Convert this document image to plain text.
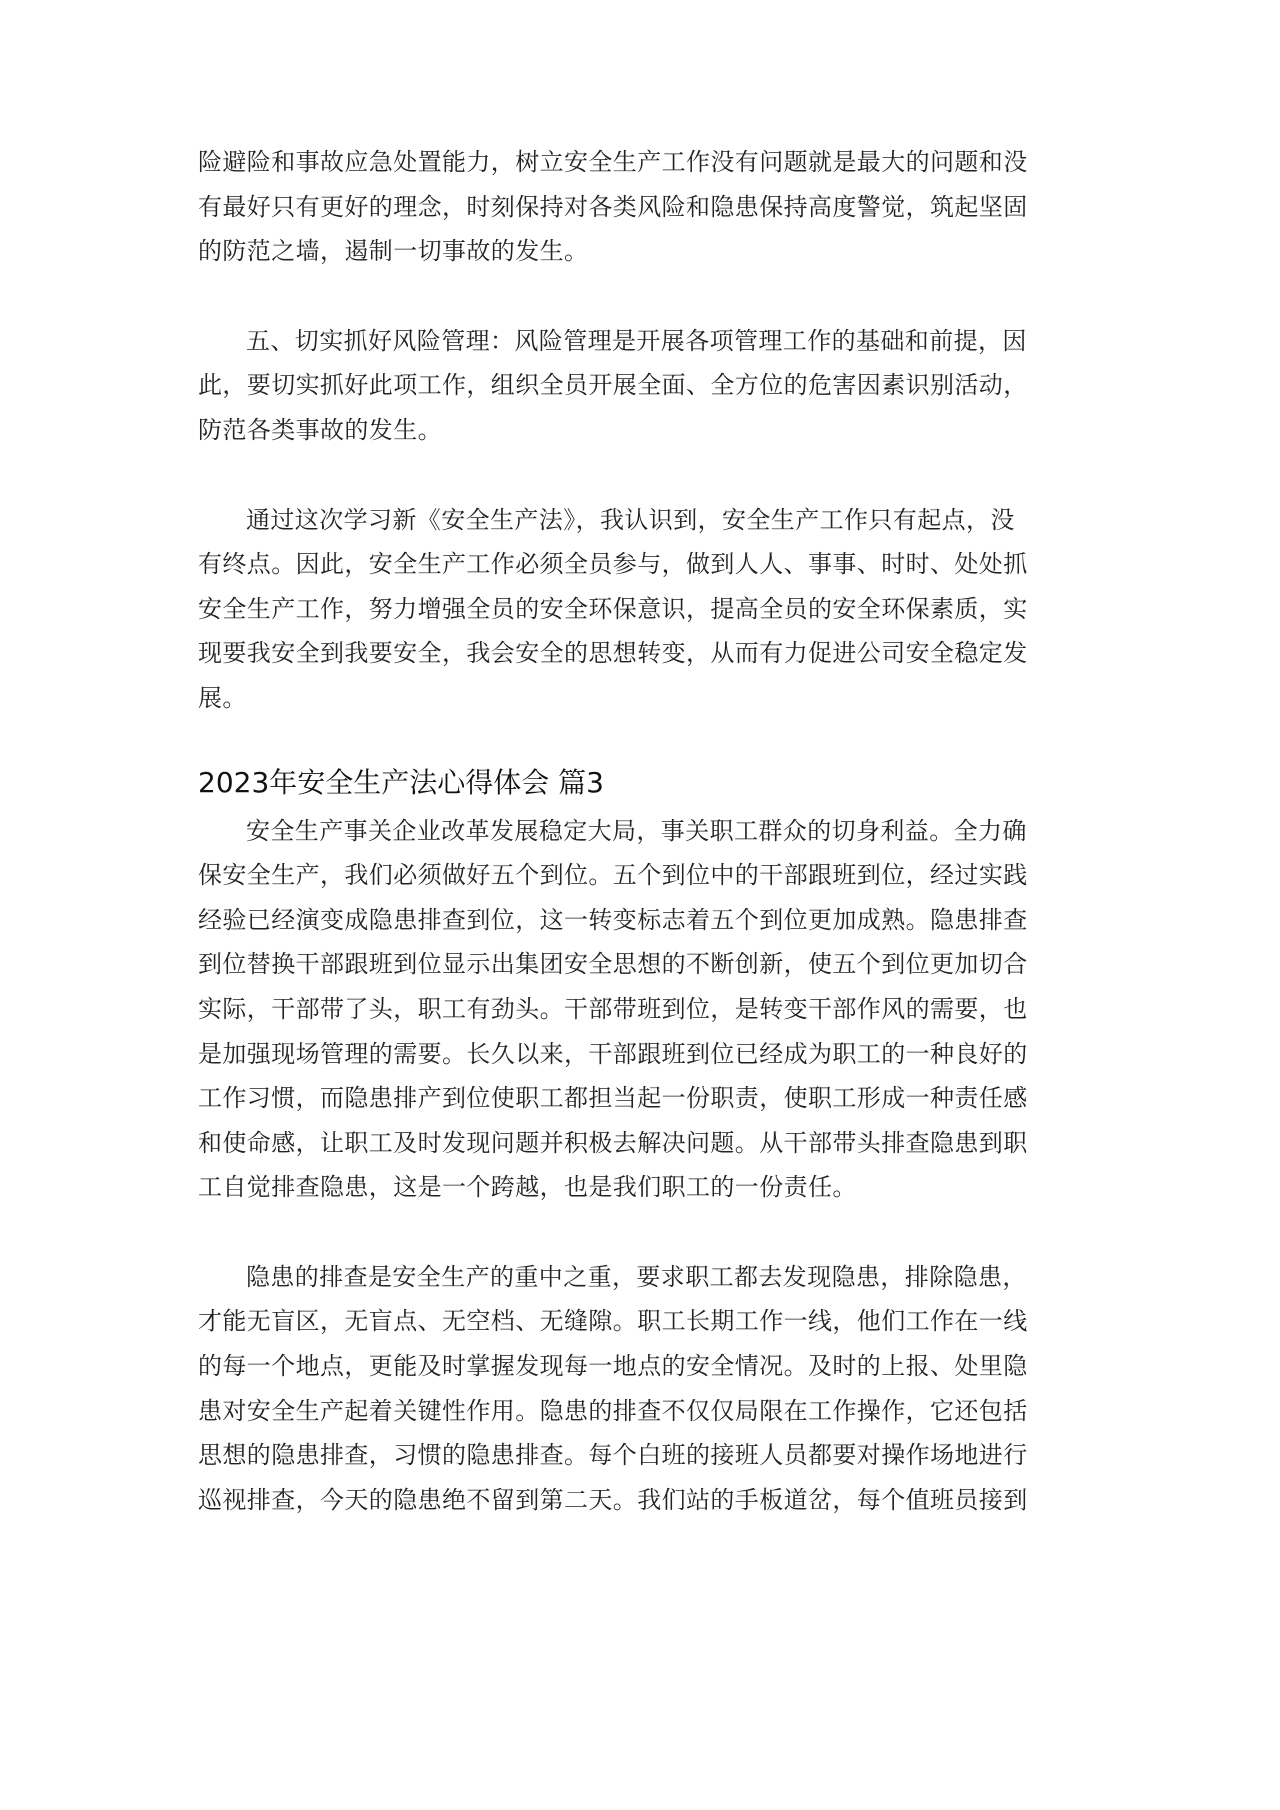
险避险和事故应急处置能力，树立安全生产工作没有问题就是最大的问题和没
有最好只有更好的理念，时刻保持对各类风险和隐患保持高度警觉，筑起坚固
的防范之墙，遏制一切事故的发生。
五、切实抓好风险管理：风险管理是开展各项管理工作的基础和前提，因
此，要切实抓好此项工作，组织全员开展全面、全方位的危害因素识别活动，
防范各类事故的发生。
通过这次学习新《安全生产法》，我认识到，安全生产工作只有起点，没
有终点。因此，安全生产工作必须全员参与，做到人人、事事、时时、处处抓
安全生产工作，努力增强全员的安全环保意识，提高全员的安全环保素质，实
现要我安全到我要安全，我会安全的思想转变，从而有力促进公司安全稳定发
展。
2023年安全生产法心得体会 篇3
安全生产事关企业改革发展稳定大局，事关职工群众的切身利益。全力确
保安全生产，我们必须做好五个到位。五个到位中的干部跟班到位，经过实践
经验已经演变成隐患排查到位，这一转变标志着五个到位更加成熟。隐患排查
到位替换干部跟班到位显示出集团安全思想的不断创新，使五个到位更加切合
实际，干部带了头，职工有劲头。干部带班到位，是转变干部作风的需要，也
是加强现场管理的需要。长久以来，干部跟班到位已经成为职工的一种良好的
工作习惯，而隐患排产到位使职工都担当起一份职责，使职工形成一种责任感
和使命感，让职工及时发现问题并积极去解决问题。从干部带头排查隐患到职
工自觉排查隐患，这是一个跨越，也是我们职工的一份责任。
隐患的排查是安全生产的重中之重，要求职工都去发现隐患，排除隐患，
才能无盲区，无盲点、无空档、无缝隙。职工长期工作一线，他们工作在一线
的每一个地点，更能及时掌握发现每一地点的安全情况。及时的上报、处里隐
患对安全生产起着关键性作用。隐患的排查不仅仅局限在工作操作，它还包括
思想的隐患排查，习惯的隐患排查。每个白班的接班人员都要对操作场地进行
巡视排查，今天的隐患绝不留到第二天。我们站的手板道岔，每个值班员接到
